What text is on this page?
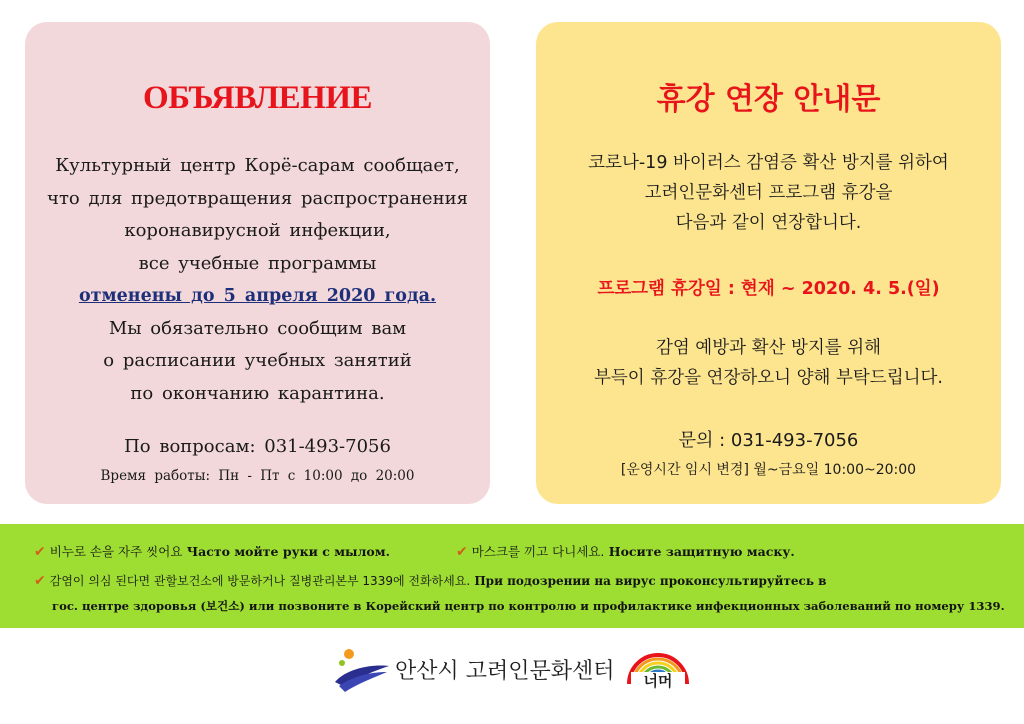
ОБЪЯВЛЕНИЕ
Культурный центр Корё-сарам сообщает,
что для предотвращения распространения
коронавирусной инфекции,
все учебные программы
отменены до 5 апреля 2020 года.
Мы обязательно сообщим вам
о расписании учебных занятий
по окончанию карантина.
По вопросам: 031-493-7056
Время работы: Пн - Пт с 10:00 до 20:00
휴강 연장 안내문
코로나-19 바이러스 감염증 확산 방지를 위하여
고려인문화센터 프로그램 휴강을
다음과 같이 연장합니다.
프로그램 휴강일 : 현재 ~ 2020. 4. 5.(일)
감염 예방과 확산 방지를 위해
부득이 휴강을 연장하오니 양해 부탁드립니다.
문의 : 031-493-7056
[운영시간 임시 변경] 월~금요일 10:00~20:00
✔ 비누로 손을 자주 씻어요 Часто мойте руки с мылом.	✔ 마스크를 끼고 다니세요. Носите защитную маску.
✔ 감염이 의심 된다면 관할보건소에 방문하거나 질병관리본부 1339에 전화하세요. При подозрении на вирус проконсультируйтесь в
гос. центре здоровья (보건소) или позвоните в Корейский центр по контролю и профилактике инфекционных заболеваний по номеру 1339.
안산시 고려인문화센터 너머
